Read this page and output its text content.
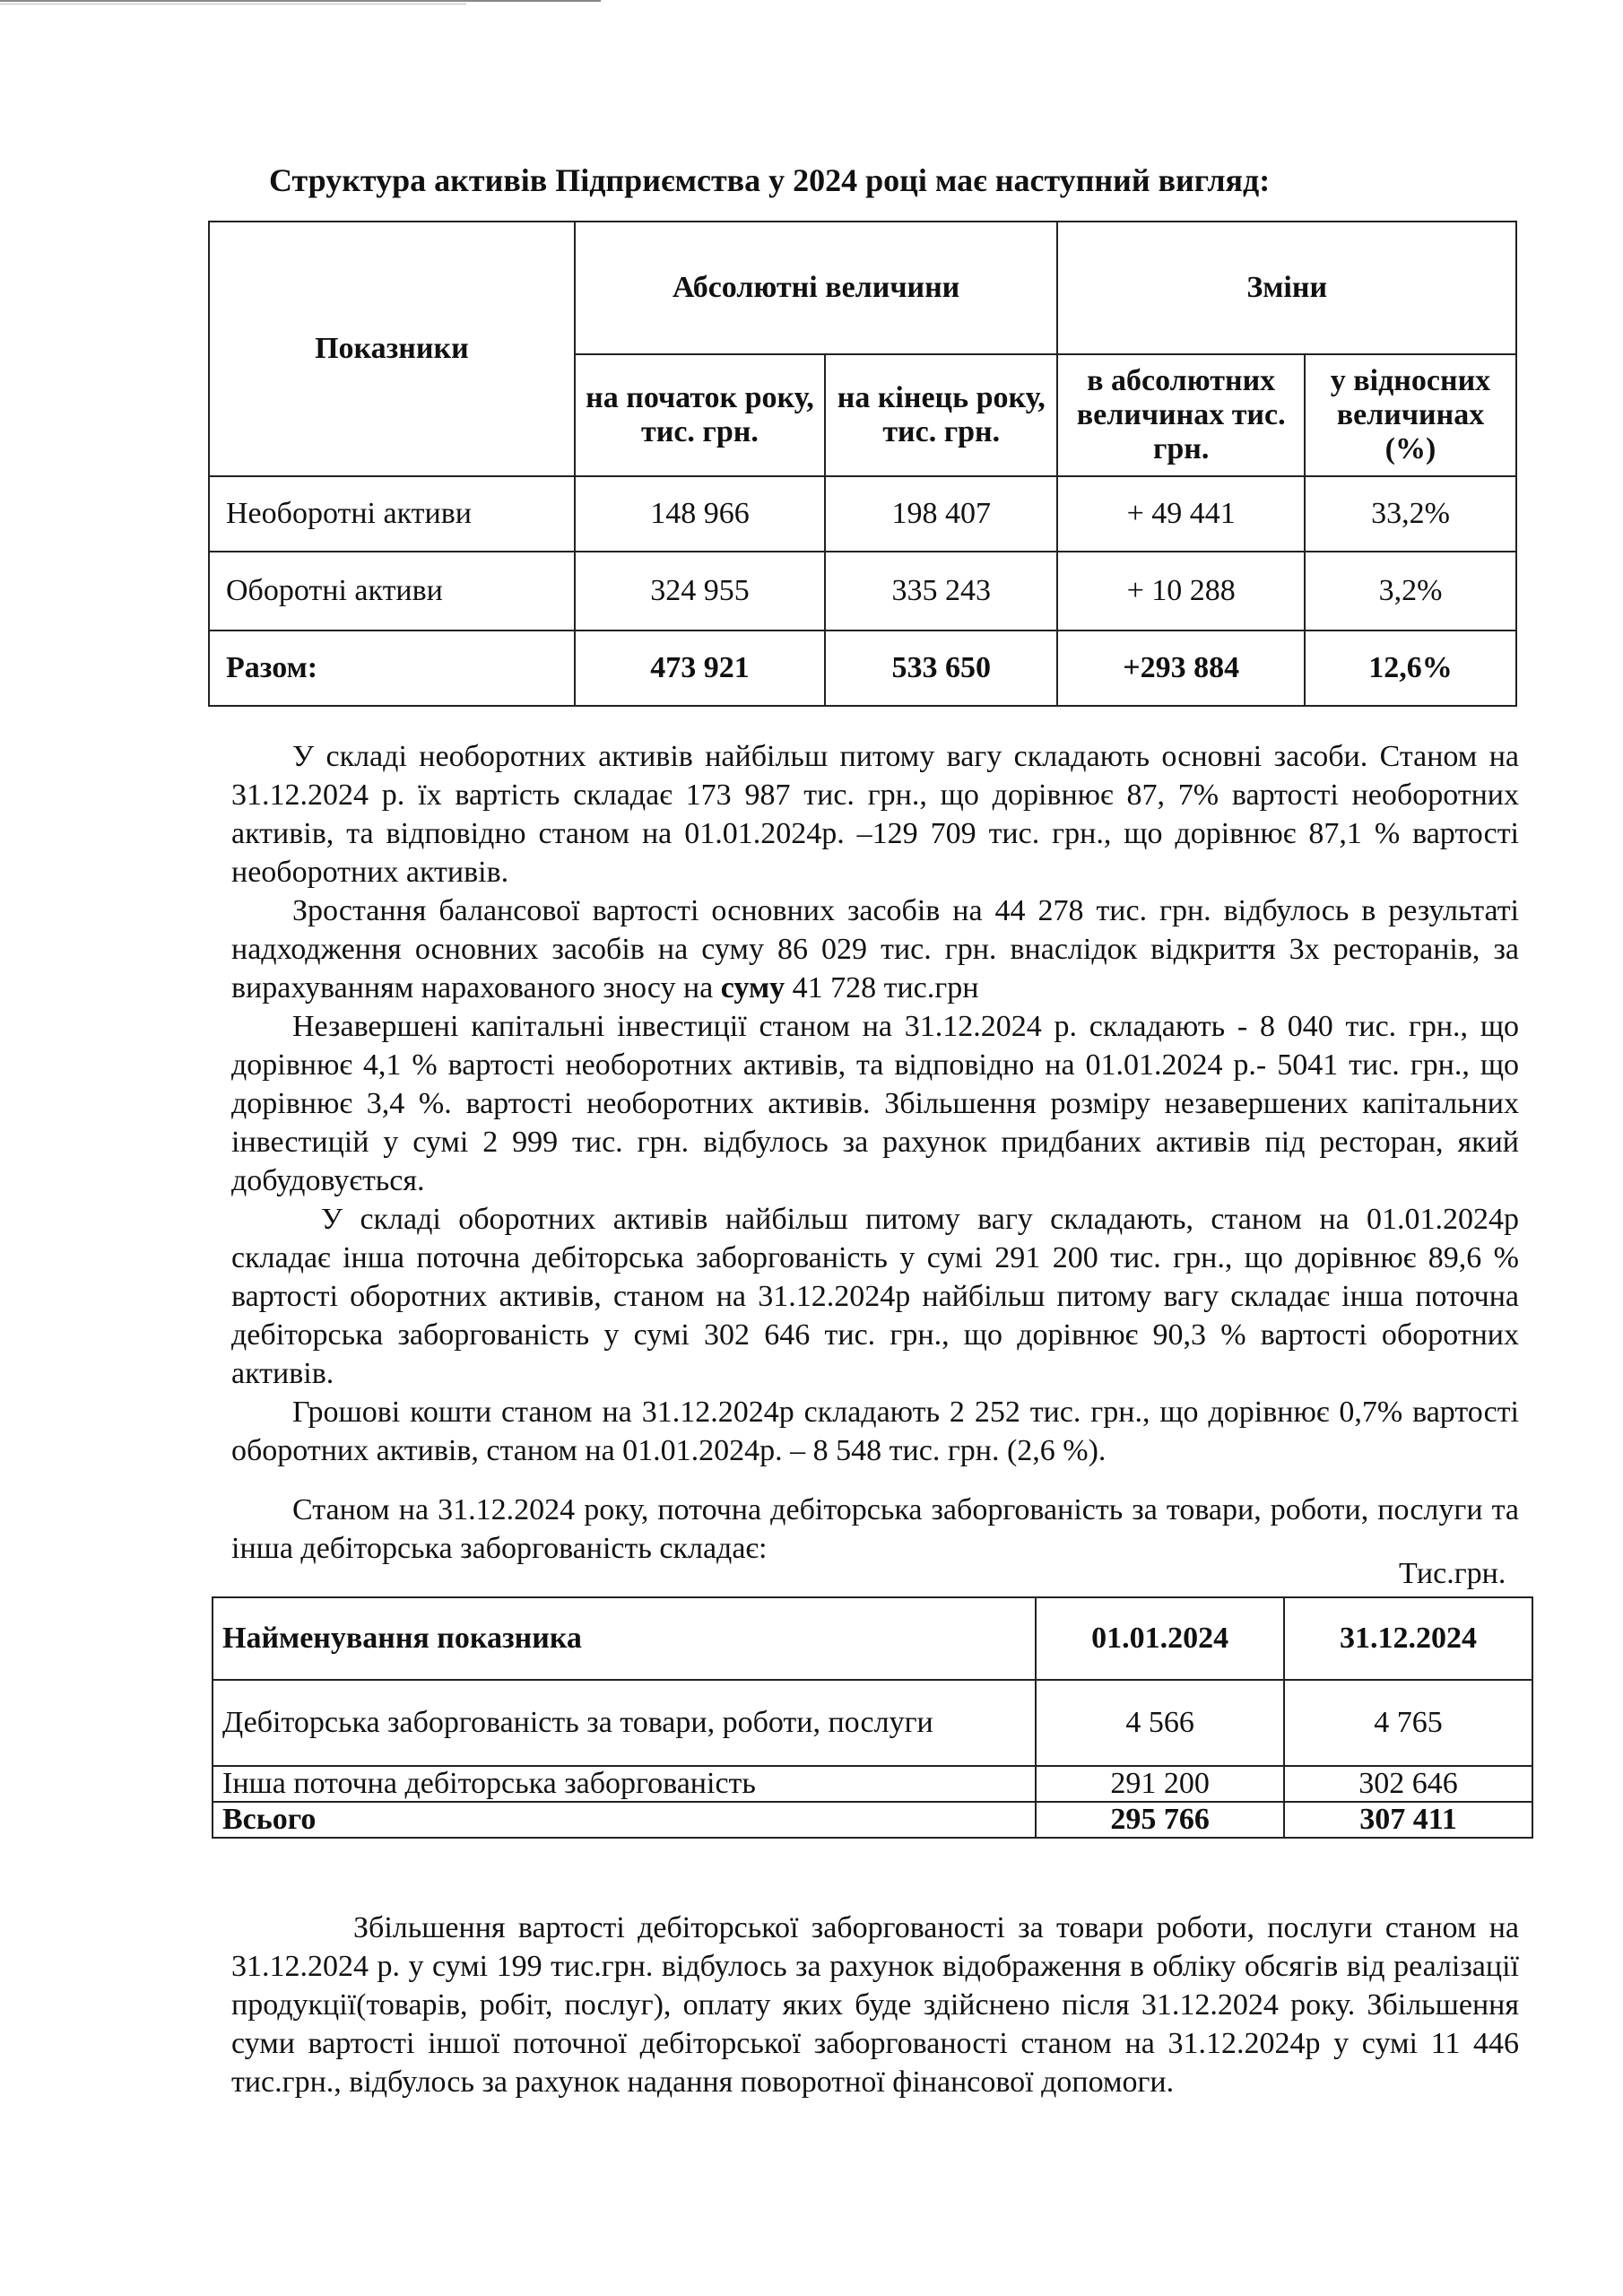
Структура активів Підприємства у 2024 році має наступний вигляд:
Показники	Абсолютні величини		Зміни	
	на початок року, тис. грн.	на кінець року, тис. грн.	в абсолютних величинах тис. грн.	у відносних величинах (%)
Необоротні активи	148 966	198 407	+ 49 441	33,2%
Оборотні активи	324 955	335 243	+ 10 288	3,2%
Разом:	473 921	533 650	+293 884	12,6%

У складі необоротних активів найбільш питому вагу складають основні засоби. Станом на 31.12.2024 р. їх вартість складає 173 987 тис. грн., що дорівнює 87, 7% вартості необоротних активів, та відповідно станом на 01.01.2024р. –129 709 тис. грн., що дорівнює 87,1 % вартості необоротних активів.

Зростання балансової вартості основних засобів на 44 278 тис. грн. відбулось в результаті надходження основних засобів на суму 86 029 тис. грн. внаслідок відкриття 3х ресторанів, за вирахуванням нарахованого зносу на суму 41 728 тис.грн

Незавершені капітальні інвестиції станом на 31.12.2024 р. складають - 8 040 тис. грн., що дорівнює 4,1 % вартості необоротних активів, та відповідно на 01.01.2024 р.- 5041 тис. грн., що дорівнює 3,4 %. вартості необоротних активів. Збільшення розміру незавершених капітальних інвестицій у сумі 2 999 тис. грн. відбулось за рахунок придбаних активів під ресторан, який добудовується.

У складі оборотних активів найбільш питому вагу складають, станом на 01.01.2024р складає інша поточна дебіторська заборгованість у сумі 291 200 тис. грн., що дорівнює 89,6 % вартості оборотних активів, станом на 31.12.2024р найбільш питому вагу складає інша поточна дебіторська заборгованість у сумі 302 646 тис. грн., що дорівнює 90,3 % вартості оборотних активів.

Грошові кошти станом на 31.12.2024р складають 2 252 тис. грн., що дорівнює 0,7% вартості оборотних активів, станом на 01.01.2024р. – 8 548 тис. грн. (2,6 %).

Станом на 31.12.2024 року, поточна дебіторська заборгованість за товари, роботи, послуги та інша дебіторська заборгованість складає:

Тис.грн.
Найменування показника	01.01.2024	31.12.2024
Дебіторська заборгованість за товари, роботи, послуги	4 566	4 765
Інша поточна дебіторська заборгованість	291 200	302 646
Всього	295 766	307 411

Збільшення вартості дебіторської заборгованості за товари роботи, послуги станом на 31.12.2024 р. у сумі 199 тис.грн. відбулось за рахунок відображення в обліку обсягів від реалізації продукції(товарів, робіт, послуг), оплату яких буде здійснено після 31.12.2024 року. Збільшення суми вартості іншої поточної дебіторської заборгованості станом на 31.12.2024р у сумі 11 446 тис.грн., відбулось за рахунок надання поворотної фінансової допомоги.
